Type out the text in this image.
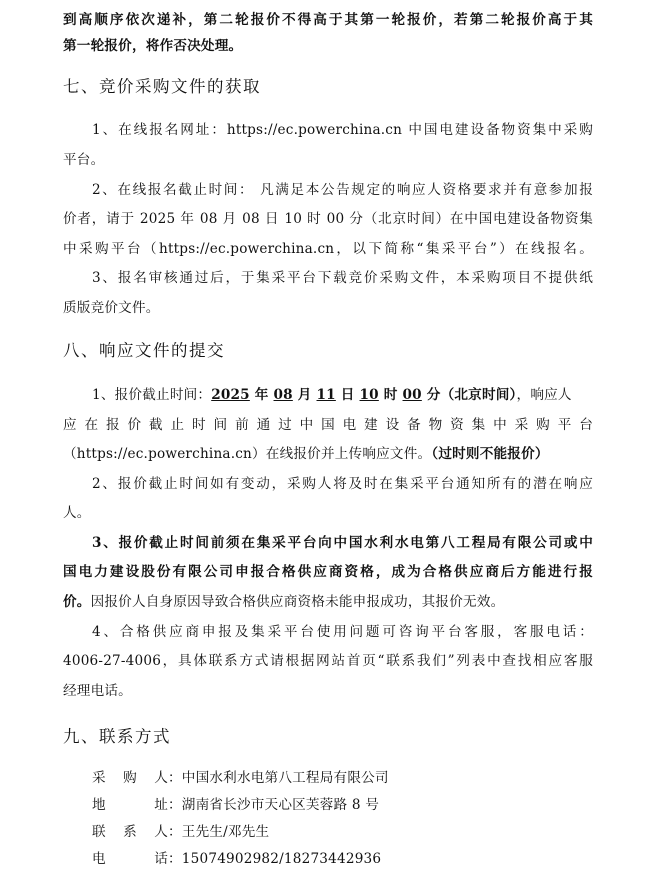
到高顺序依次递补，第二轮报价不得高于其第一轮报价，若第二轮报价高于其
第一轮报价，将作否决处理。
七、竞价采购文件的获取
1、在线报名网址：https://ec.powerchina.cn 中国电建设备物资集中采购
平台。
2、在线报名截止时间： 凡满足本公告规定的响应人资格要求并有意参加报
价者，请于 2025 年 08 月 08 日 10 时 00 分（北京时间）在中国电建设备物资集
中采购平台（https://ec.powerchina.cn，以下简称“集采平台”）在线报名。
3、报名审核通过后，于集采平台下载竞价采购文件，本采购项目不提供纸
质版竞价文件。
八、响应文件的提交
1、报价截止时间：2025 年 08 月 11 日 10 时 00 分（北京时间），响应人
应在报价截止时间前通过中国电建设备物资集中采购平台
（https://ec.powerchina.cn）在线报价并上传响应文件。（过时则不能报价）
2、报价截止时间如有变动，采购人将及时在集采平台通知所有的潜在响应
人。
3、报价截止时间前须在集采平台向中国水利水电第八工程局有限公司或中
国电力建设股份有限公司申报合格供应商资格，成为合格供应商后方能进行报
价。因报价人自身原因导致合格供应商资格未能申报成功，其报价无效。
4、合格供应商申报及集采平台使用问题可咨询平台客服，客服电话：
4006-27-4006，具体联系方式请根据网站首页“联系我们”列表中查找相应客服
经理电话。
九、联系方式
采购人：中国水利水电第八工程局有限公司
地址：湖南省长沙市天心区芙蓉路 8 号
联系人：王先生/邓先生
电话：15074902982/18273442936
